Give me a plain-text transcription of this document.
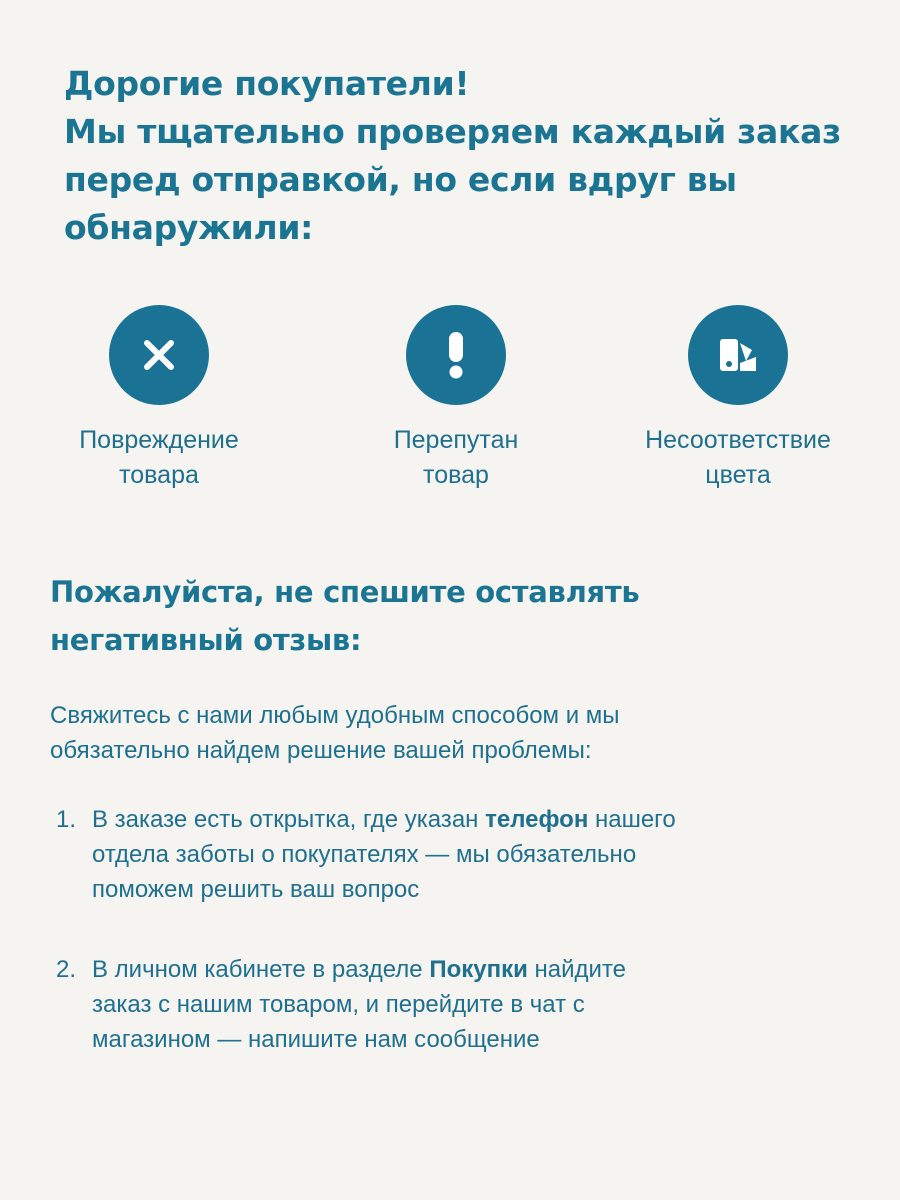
Дорогие покупатели!
Мы тщательно проверяем каждый заказ
перед отправкой, но если вдруг вы
обнаружили:
Повреждение
товара
Перепутан
товар
Несоответствие
цвета
Пожалуйста, не спешите оставлять
негативный отзыв:
Свяжитесь с нами любым удобным способом и мы
обязательно найдем решение вашей проблемы:
1. В заказе есть открытка, где указан телефон нашего
отдела заботы о покупателях — мы обязательно
поможем решить ваш вопрос
2. В личном кабинете в разделе Покупки найдите
заказ с нашим товаром, и перейдите в чат с
магазином — напишите нам сообщение
